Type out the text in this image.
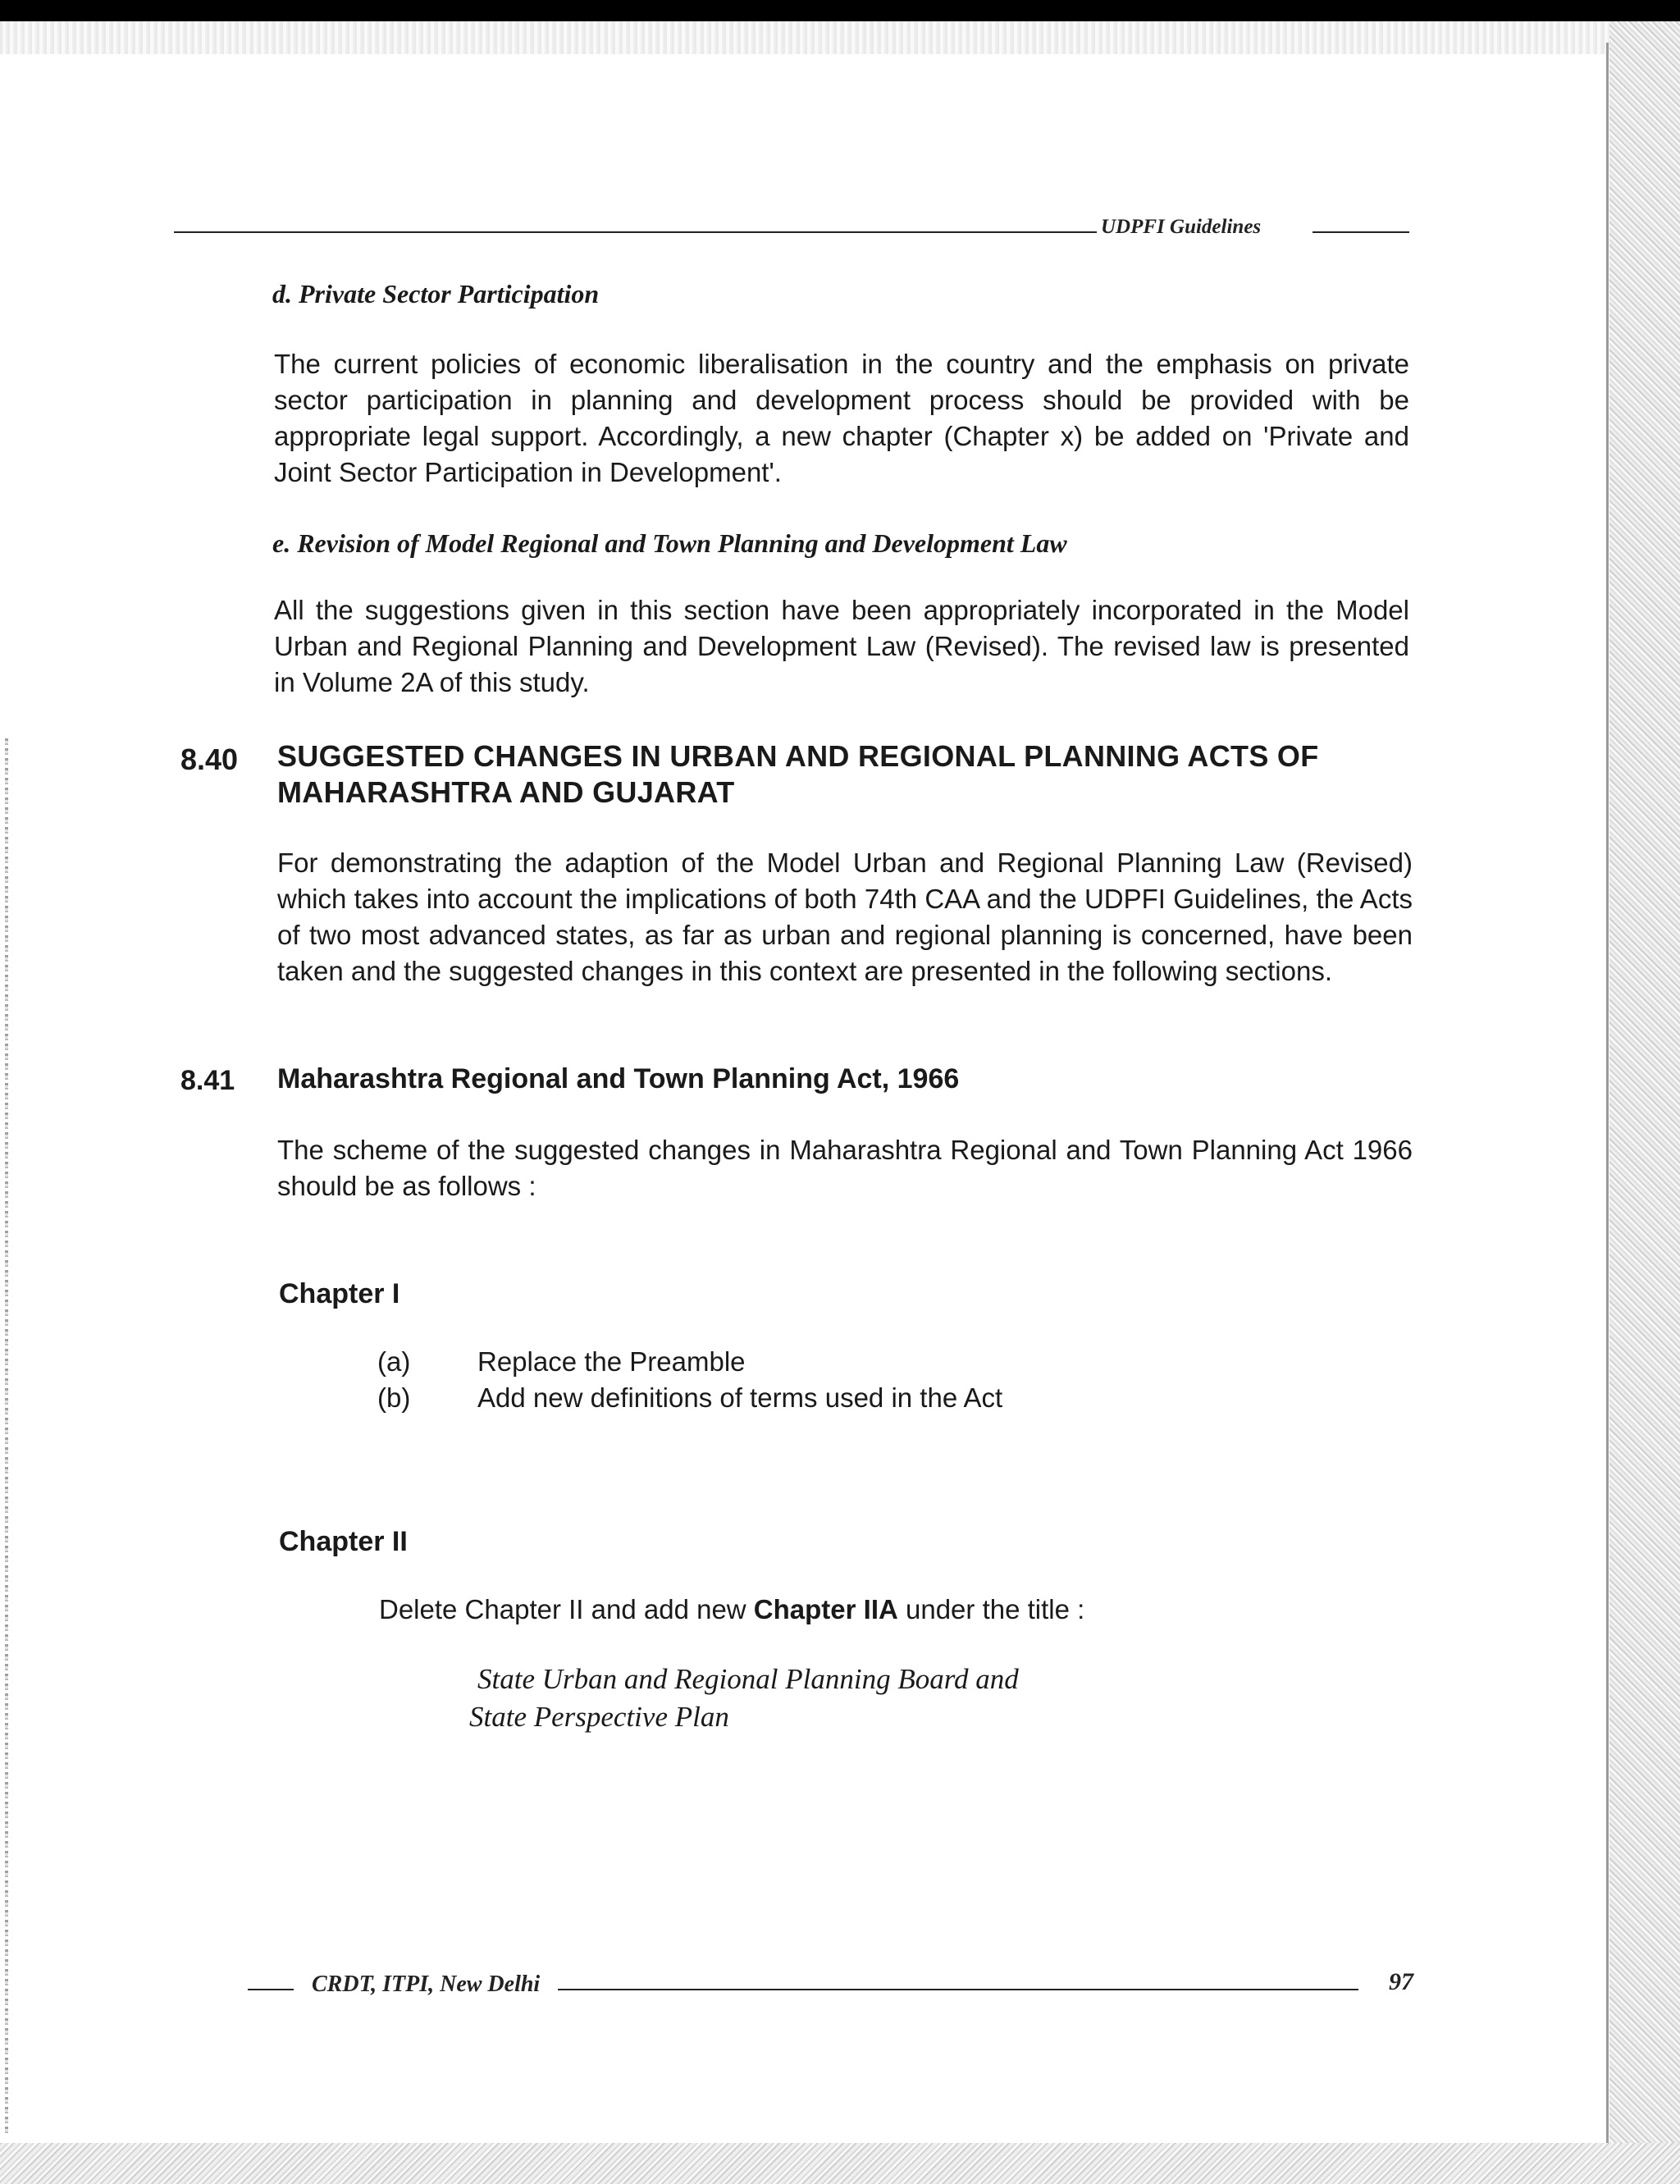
UDPFI Guidelines
d. Private Sector Participation
The current policies of economic liberalisation in the country and the emphasis on private sector participation in planning and development process should be provided with be appropriate legal support. Accordingly, a new chapter (Chapter x) be added on 'Private and Joint Sector Participation in Development'.
e. Revision of Model Regional and Town Planning and Development Law
All the suggestions given in this section have been appropriately incorporated in the Model Urban and Regional Planning and Development Law (Revised). The revised law is presented in Volume 2A of this study.
8.40 SUGGESTED CHANGES IN URBAN AND REGIONAL PLANNING ACTS OF MAHARASHTRA AND GUJARAT
For demonstrating the adaption of the Model Urban and Regional Planning Law (Revised) which takes into account the implications of both 74th CAA and the UDPFI Guidelines, the Acts of two most advanced states, as far as urban and regional planning is concerned, have been taken and the suggested changes in this context are presented in the following sections.
8.41 Maharashtra Regional and Town Planning Act, 1966
The scheme of the suggested changes in Maharashtra Regional and Town Planning Act 1966 should be as follows :
Chapter I
(a) Replace the Preamble
(b) Add new definitions of terms used in the Act
Chapter II
Delete Chapter II and add new Chapter IIA under the title :
State Urban and Regional Planning Board and
State Perspective Plan
CRDT, ITPI, New Delhi	97
